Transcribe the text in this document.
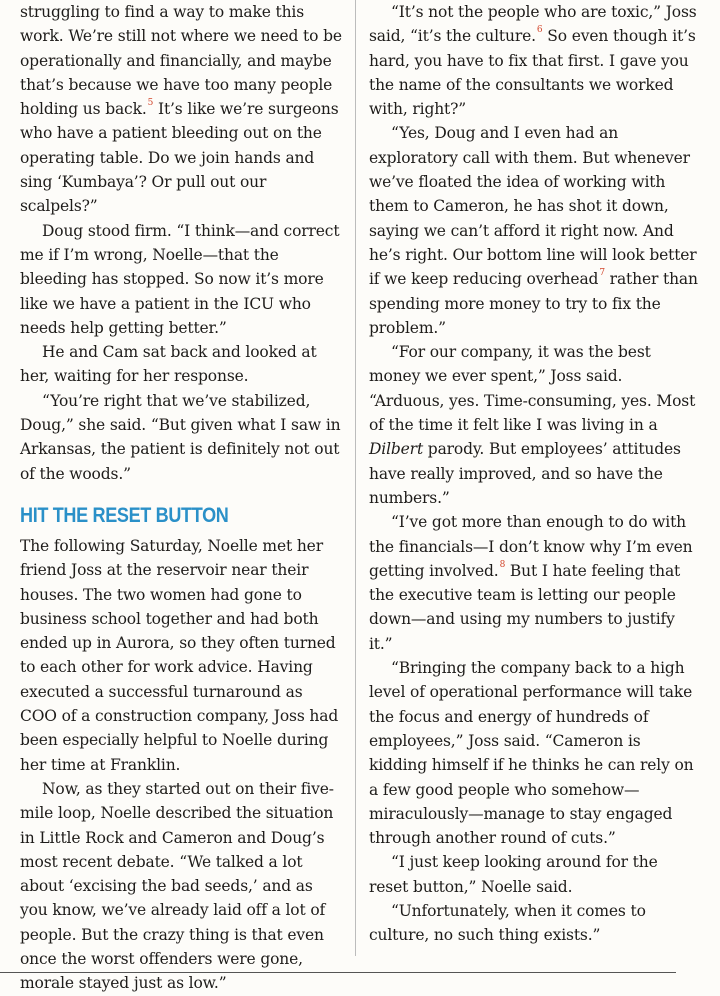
struggling to find a way to make this work. We’re still not where we need to be operationally and financially, and maybe that’s because we have too many people holding us back.$^5$ It’s like we’re surgeons who have a patient bleeding out on the operating table. Do we join hands and sing ‘Kumbaya’? Or pull out our scalpels?”

Doug stood firm. “I think—and correct me if I’m wrong, Noelle—that the bleeding has stopped. So now it’s more like we have a patient in the ICU who needs help getting better.”

He and Cam sat back and looked at her, waiting for her response.

“You’re right that we’ve stabilized, Doug,” she said. “But given what I saw in Arkansas, the patient is definitely not out of the woods.”

HIT THE RESET BUTTON

The following Saturday, Noelle met her friend Joss at the reservoir near their houses. The two women had gone to business school together and had both ended up in Aurora, so they often turned to each other for work advice. Having executed a successful turnaround as COO of a construction company, Joss had been especially helpful to Noelle during her time at Franklin.

Now, as they started out on their five-mile loop, Noelle described the situation in Little Rock and Cameron and Doug’s most recent debate. “We talked a lot about ‘excising the bad seeds,’ and as you know, we’ve already laid off a lot of people. But the crazy thing is that even once the worst offenders were gone, morale stayed just as low.”

“It’s not the people who are toxic,” Joss said, “it’s the culture.$^6$ So even though it’s hard, you have to fix that first. I gave you the name of the consultants we worked with, right?”

“Yes, Doug and I even had an exploratory call with them. But whenever we’ve floated the idea of working with them to Cameron, he has shot it down, saying we can’t afford it right now. And he’s right. Our bottom line will look better if we keep reducing overhead$^7$ rather than spending more money to try to fix the problem.”

“For our company, it was the best money we ever spent,” Joss said. “Arduous, yes. Time-consuming, yes. Most of the time it felt like I was living in a Dilbert parody. But employees’ attitudes have really improved, and so have the numbers.”

“I’ve got more than enough to do with the financials—I don’t know why I’m even getting involved.$^8$ But I hate feeling that the executive team is letting our people down—and using my numbers to justify it.”

“Bringing the company back to a high level of operational performance will take the focus and energy of hundreds of employees,” Joss said. “Cameron is kidding himself if he thinks he can rely on a few good people who somehow—miraculously—manage to stay engaged through another round of cuts.”

“I just keep looking around for the reset button,” Noelle said.

“Unfortunately, when it comes to culture, no such thing exists.”
